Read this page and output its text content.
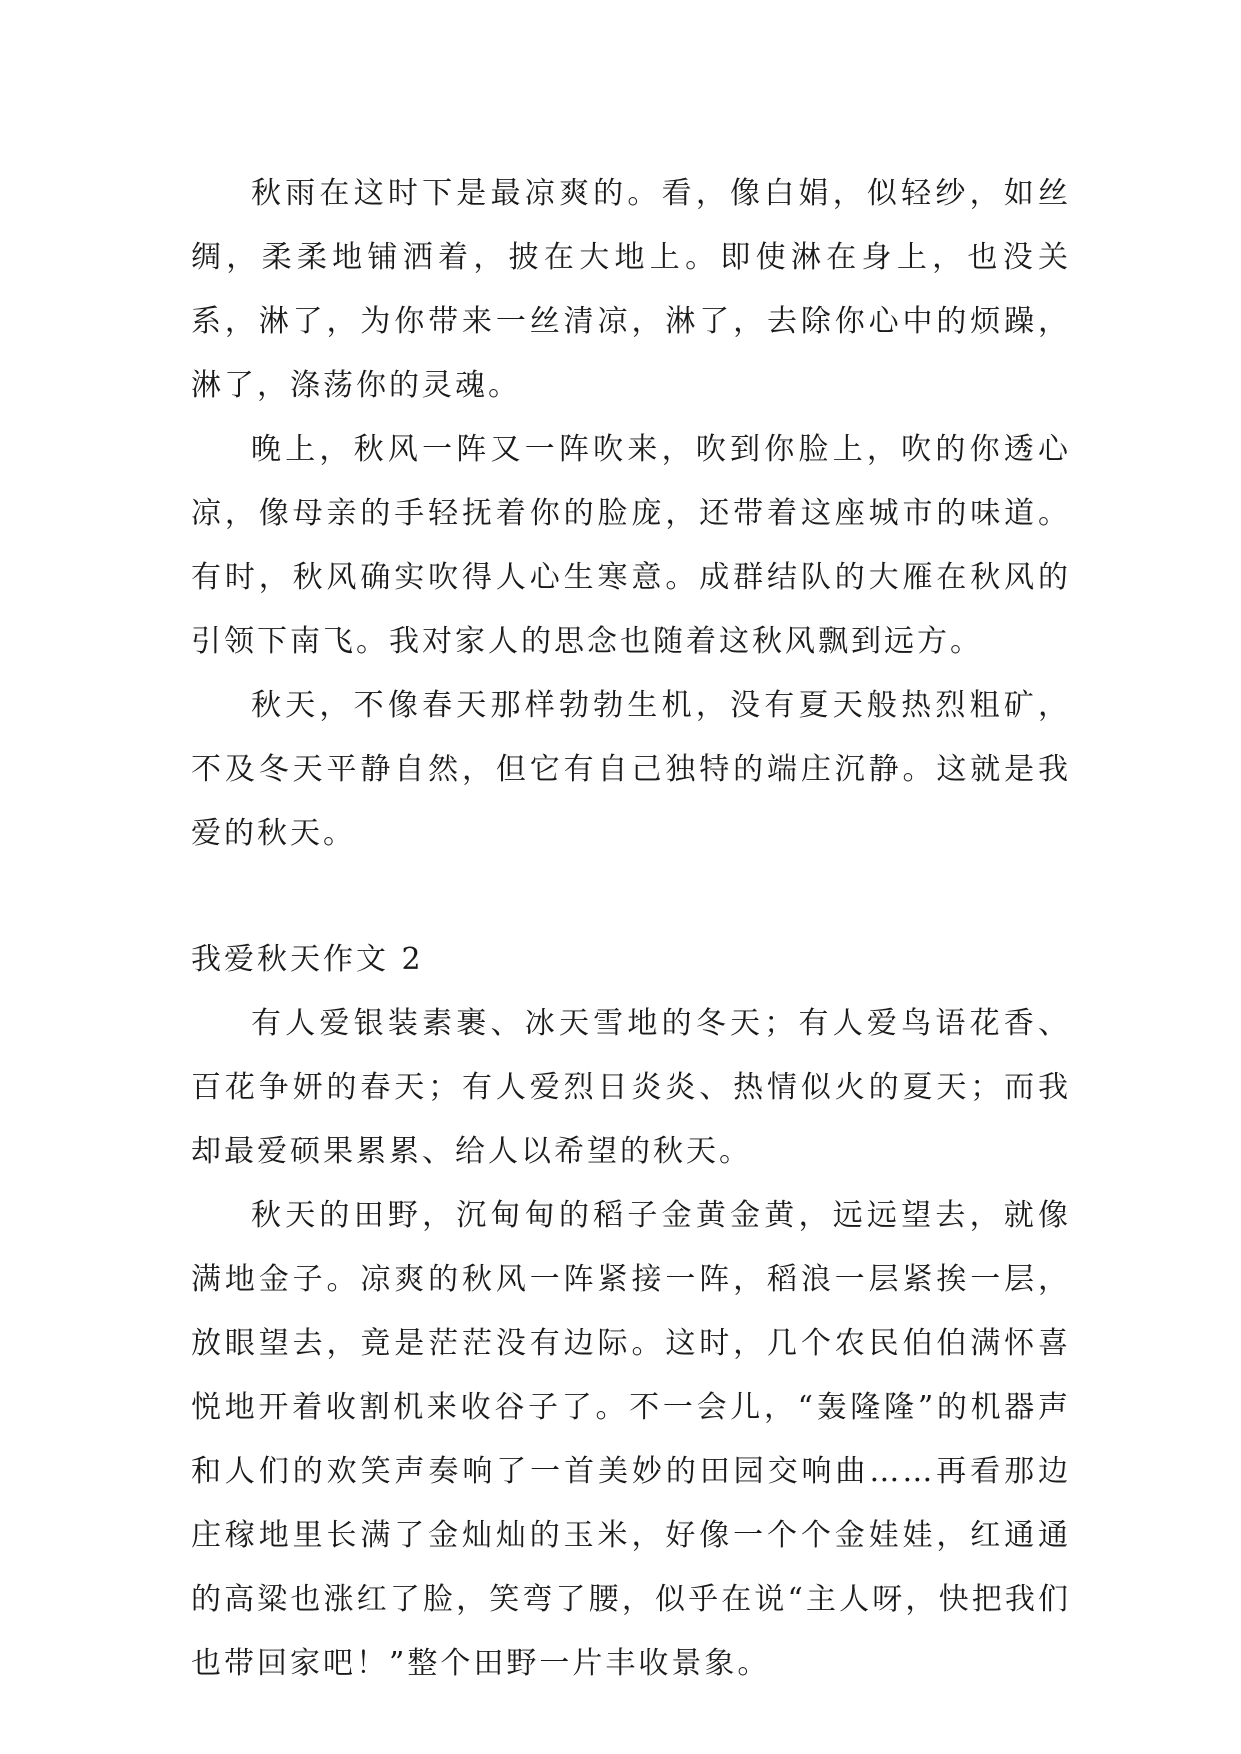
秋雨在这时下是最凉爽的。看，像白娟，似轻纱，如丝绸，柔柔地铺洒着，披在大地上。即使淋在身上，也没关系，淋了，为你带来一丝清凉，淋了，去除你心中的烦躁，淋了，涤荡你的灵魂。

晚上，秋风一阵又一阵吹来，吹到你脸上，吹的你透心凉，像母亲的手轻抚着你的脸庞，还带着这座城市的味道。有时，秋风确实吹得人心生寒意。成群结队的大雁在秋风的引领下南飞。我对家人的思念也随着这秋风飘到远方。

秋天，不像春天那样勃勃生机，没有夏天般热烈粗矿，不及冬天平静自然，但它有自己独特的端庄沉静。这就是我爱的秋天。

我爱秋天作文 2

有人爱银装素裹、冰天雪地的冬天；有人爱鸟语花香、百花争妍的春天；有人爱烈日炎炎、热情似火的夏天；而我却最爱硕果累累、给人以希望的秋天。

秋天的田野，沉甸甸的稻子金黄金黄，远远望去，就像满地金子。凉爽的秋风一阵紧接一阵，稻浪一层紧挨一层，放眼望去，竟是茫茫没有边际。这时，几个农民伯伯满怀喜悦地开着收割机来收谷子了。不一会儿，“轰隆隆”的机器声和人们的欢笑声奏响了一首美妙的田园交响曲……再看那边庄稼地里长满了金灿灿的玉米，好像一个个金娃娃，红通通的高粱也涨红了脸，笑弯了腰，似乎在说“主人呀，快把我们也带回家吧！”整个田野一片丰收景象。
